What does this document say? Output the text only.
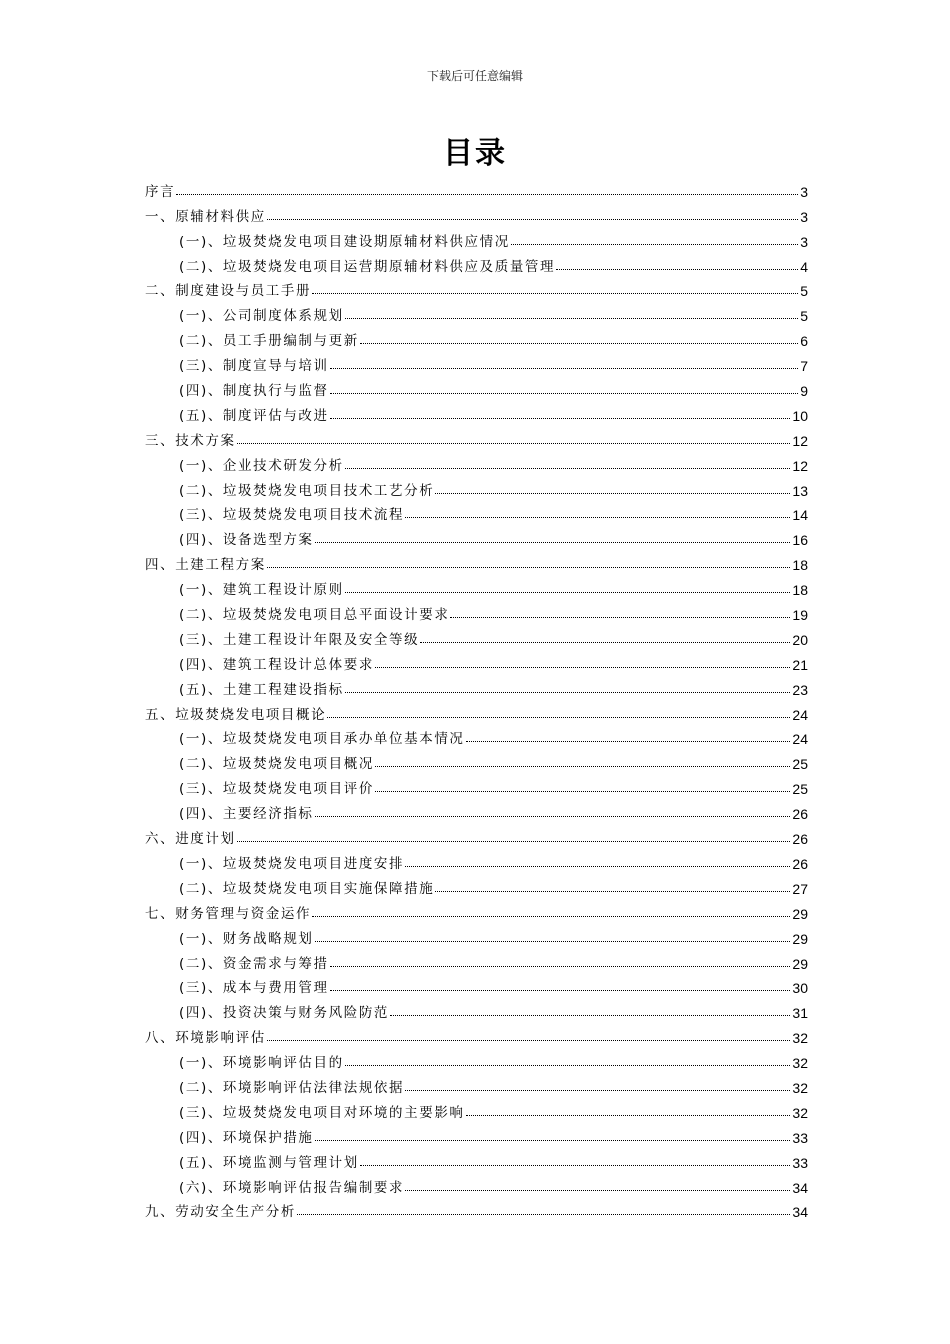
下载后可任意编辑
目录
序言	3
一、原辅材料供应	3
(一)、垃圾焚烧发电项目建设期原辅材料供应情况	3
(二)、垃圾焚烧发电项目运营期原辅材料供应及质量管理	4
二、制度建设与员工手册	5
(一)、公司制度体系规划	5
(二)、员工手册编制与更新	6
(三)、制度宣导与培训	7
(四)、制度执行与监督	9
(五)、制度评估与改进	10
三、技术方案	12
(一)、企业技术研发分析	12
(二)、垃圾焚烧发电项目技术工艺分析	13
(三)、垃圾焚烧发电项目技术流程	14
(四)、设备选型方案	16
四、土建工程方案	18
(一)、建筑工程设计原则	18
(二)、垃圾焚烧发电项目总平面设计要求	19
(三)、土建工程设计年限及安全等级	20
(四)、建筑工程设计总体要求	21
(五)、土建工程建设指标	23
五、垃圾焚烧发电项目概论	24
(一)、垃圾焚烧发电项目承办单位基本情况	24
(二)、垃圾焚烧发电项目概况	25
(三)、垃圾焚烧发电项目评价	25
(四)、主要经济指标	26
六、进度计划	26
(一)、垃圾焚烧发电项目进度安排	26
(二)、垃圾焚烧发电项目实施保障措施	27
七、财务管理与资金运作	29
(一)、财务战略规划	29
(二)、资金需求与筹措	29
(三)、成本与费用管理	30
(四)、投资决策与财务风险防范	31
八、环境影响评估	32
(一)、环境影响评估目的	32
(二)、环境影响评估法律法规依据	32
(三)、垃圾焚烧发电项目对环境的主要影响	32
(四)、环境保护措施	33
(五)、环境监测与管理计划	33
(六)、环境影响评估报告编制要求	34
九、劳动安全生产分析	34
